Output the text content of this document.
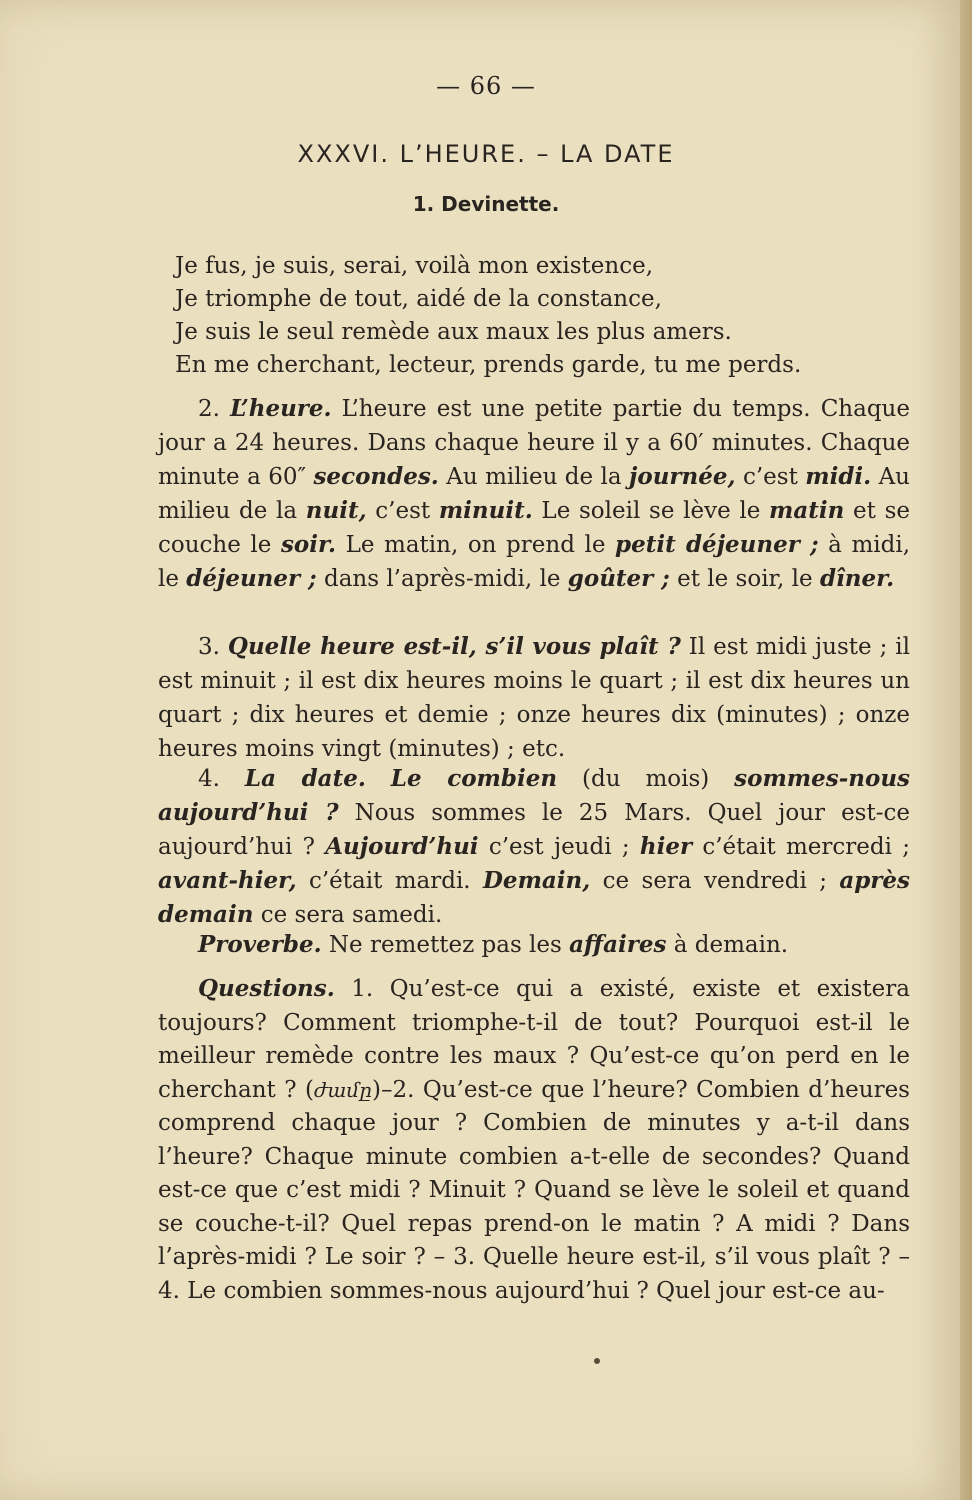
— 66 —
XXXVI. L’HEURE. – LA DATE
1. Devinette.
Je fus, je suis, serai, voilà mon existence,
Je triomphe de tout, aidé de la constance,
Je suis le seul remède aux maux les plus amers.
En me cherchant, lecteur, prends garde, tu me perds.
2. L’heure. L’heure est une petite partie du temps. Chaque jour a 24 heures. Dans chaque heure il y a 60′ minutes. Chaque minute a 60″ secondes. Au milieu de la journée, c’est midi. Au milieu de la nuit, c’est minuit. Le soleil se lève le matin et se couche le soir. Le matin, on prend le petit déjeuner ; à midi, le déjeuner ; dans l’après-midi, le goûter ; et le soir, le dîner.
3. Quelle heure est-il, s’il vous plaît ? Il est midi juste ; il est minuit ; il est dix heures moins le quart ; il est dix heures un quart ; dix heures et demie ; onze heures dix (minutes) ; onze heures moins vingt (minutes) ; etc.
4. La date. Le combien (du mois) sommes-nous aujourd’hui ? Nous sommes le 25 Mars. Quel jour est-ce aujourd’hui ? Aujourd’hui c’est jeudi ; hier c’était mercredi ; avant-hier, c’était mardi. Demain, ce sera vendredi ; après demain ce sera samedi.
Proverbe. Ne remettez pas les affaires à demain.
Questions. 1. Qu’est-ce qui a existé, existe et existera toujours? Comment triomphe-t-il de tout? Pourquoi est-il le meilleur remède contre les maux ? Qu’est-ce qu’on perd en le cherchant ? (ժամը)–2. Qu’est-ce que l’heure? Combien d’heures comprend chaque jour ? Combien de minutes y a-t-il dans l’heure? Chaque minute combien a-t-elle de secondes? Quand est-ce que c’est midi ? Minuit ? Quand se lève le soleil et quand se couche-t-il? Quel repas prend-on le matin ? A midi ? Dans l’après-midi ? Le soir ? – 3. Quelle heure est-il, s’il vous plaît ? – 4. Le combien sommes-nous aujourd’hui ? Quel jour est-ce au-
